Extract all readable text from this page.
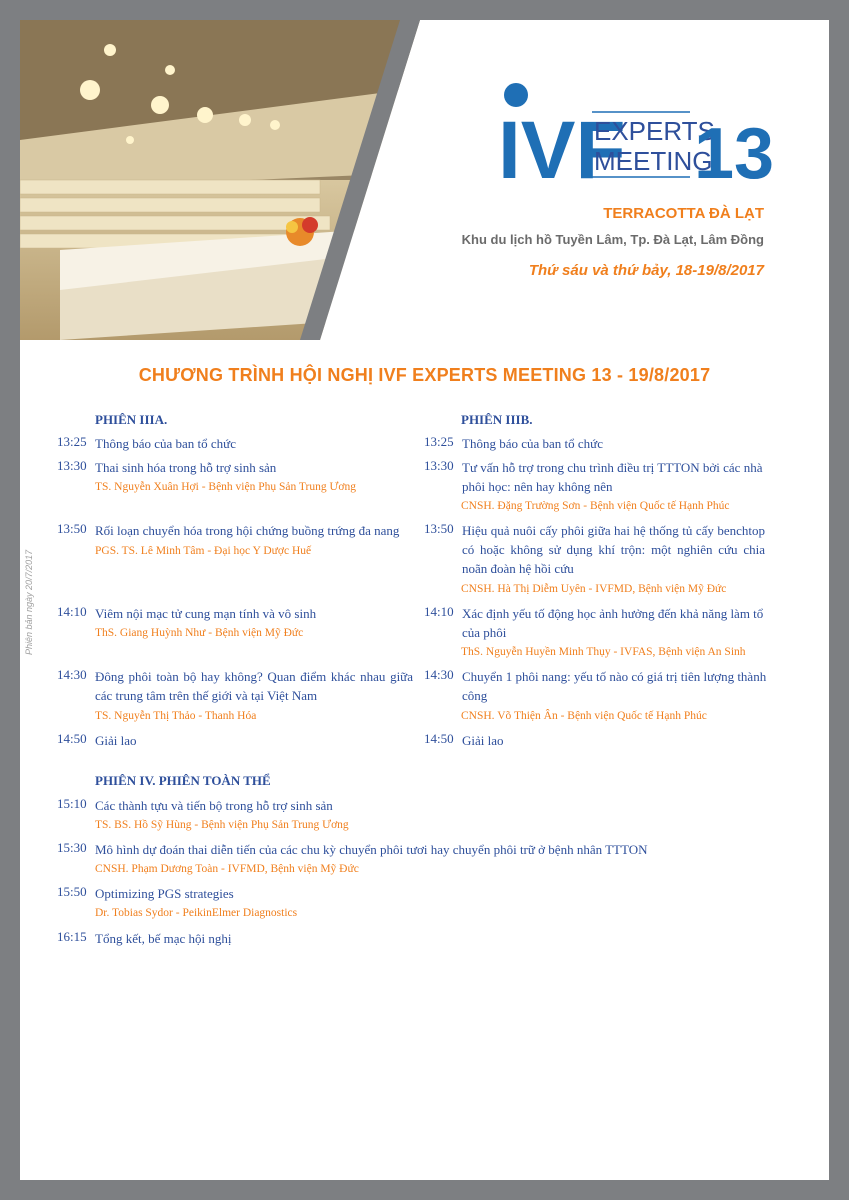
IVF
EXPERTS
MEETING
13
TERRACOTTA ĐÀ LẠT
Khu du lịch hồ Tuyền Lâm, Tp. Đà Lạt, Lâm Đồng
Thứ sáu và thứ bảy, 18-19/8/2017
CHƯƠNG TRÌNH HỘI NGHỊ IVF EXPERTS MEETING 13 - 19/8/2017
Phiên bản ngày 20/7/2017
PHIÊN IIIA.
13:25 Thông báo của ban tổ chức
13:30 Thai sinh hóa trong hỗ trợ sinh sản
TS. Nguyễn Xuân Hợi - Bệnh viện Phụ Sản Trung Ương
13:50 Rối loạn chuyển hóa trong hội chứng buồng trứng đa nang
PGS. TS. Lê Minh Tâm - Đại học Y Dược Huế
14:10 Viêm nội mạc tử cung mạn tính và vô sinh
ThS. Giang Huỳnh Như - Bệnh viện Mỹ Đức
14:30 Đông phôi toàn bộ hay không? Quan điểm khác nhau giữa các trung tâm trên thế giới và tại Việt Nam
TS. Nguyễn Thị Thảo - Thanh Hóa
14:50 Giải lao
PHIÊN IIIB.
13:25 Thông báo của ban tổ chức
13:30 Tư vấn hỗ trợ trong chu trình điều trị TTTON bởi các nhà phôi học: nên hay không nên
CNSH. Đặng Trường Sơn - Bệnh viện Quốc tế Hạnh Phúc
13:50 Hiệu quả nuôi cấy phôi giữa hai hệ thống tủ cấy benchtop có hoặc không sử dụng khí trộn: một nghiên cứu chia noãn đoàn hệ hồi cứu
CNSH. Hà Thị Diễm Uyên - IVFMD, Bệnh viện Mỹ Đức
14:10 Xác định yếu tố động học ảnh hưởng đến khả năng làm tổ của phôi
ThS. Nguyễn Huyền Minh Thụy - IVFAS, Bệnh viện An Sinh
14:30 Chuyển 1 phôi nang: yếu tố nào có giá trị tiên lượng thành công
CNSH. Võ Thiện Ân - Bệnh viện Quốc tế Hạnh Phúc
14:50 Giải lao
PHIÊN IV. PHIÊN TOÀN THỂ
15:10 Các thành tựu và tiến bộ trong hỗ trợ sinh sản
TS. BS. Hồ Sỹ Hùng - Bệnh viện Phụ Sản Trung Ương
15:30 Mô hình dự đoán thai diễn tiến của các chu kỳ chuyển phôi tươi hay chuyển phôi trữ ở bệnh nhân TTTON
CNSH. Phạm Dương Toàn - IVFMD, Bệnh viện Mỹ Đức
15:50 Optimizing PGS strategies
Dr. Tobias Sydor - PeikinElmer Diagnostics
16:15 Tổng kết, bế mạc hội nghị
